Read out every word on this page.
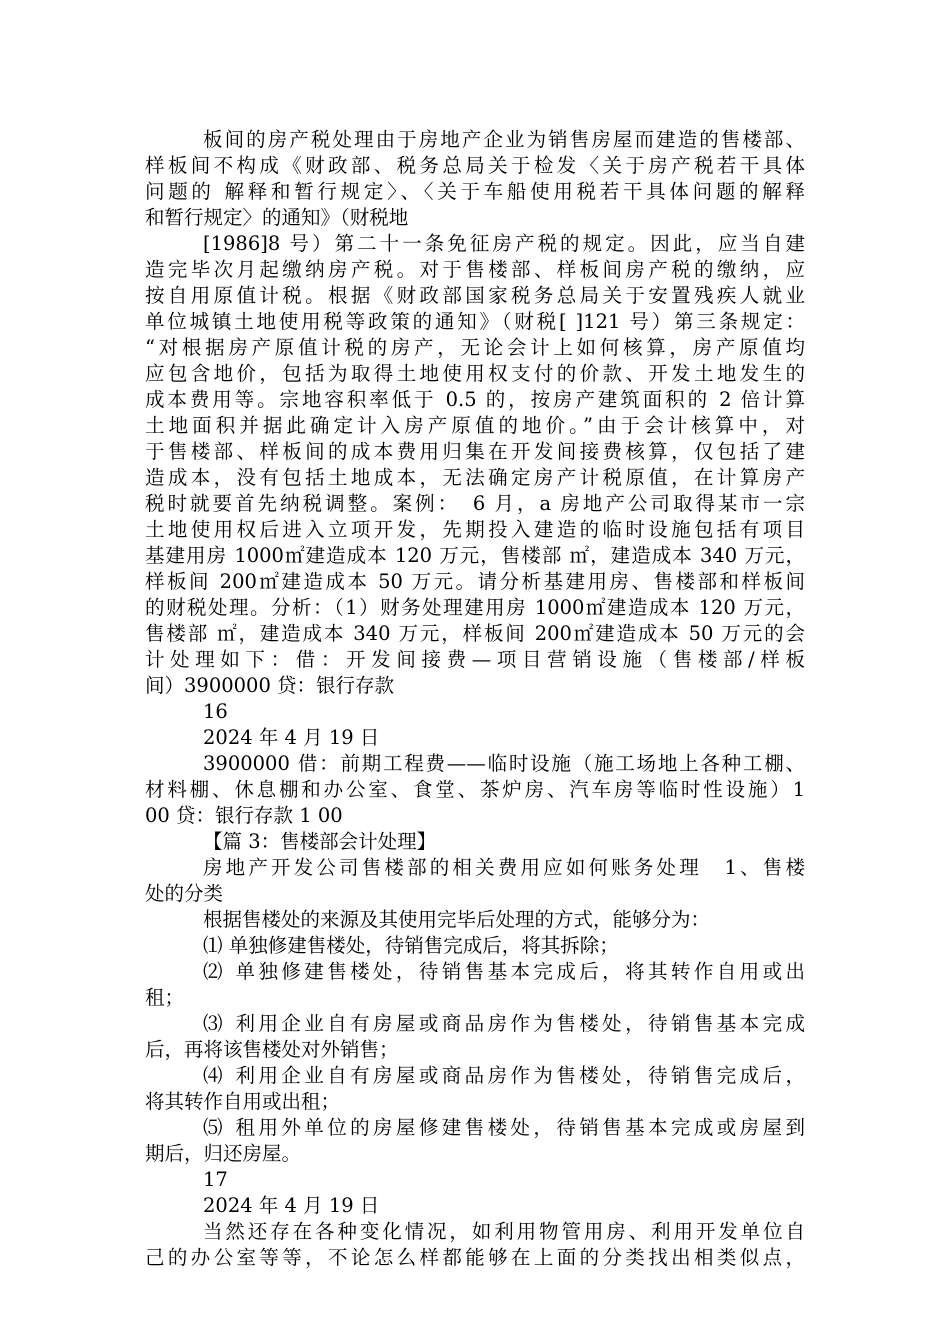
板间的房产税处理由于房地产企业为销售房屋而建造的售楼部、
样板间不构成《财政部、税务总局关于检发〈关于房产税若干具体
问题的 解释和暂行规定〉、〈关于车船使用税若干具体问题的解释
和暂行规定〉的通知》（财税地
[1986]8 号）第二十一条免征房产税的规定。因此，应当自建
造完毕次月起缴纳房产税。对于售楼部、样板间房产税的缴纳，应
按自用原值计税。根据《财政部国家税务总局关于安置残疾人就业
单位城镇土地使用税等政策的通知》（财税[ ]121 号）第三条规定：
“对根据房产原值计税的房产，无论会计上如何核算，房产原值均
应包含地价，包括为取得土地使用权支付的价款、开发土地发生的
成本费用等。宗地容积率低于 0.5 的，按房产建筑面积的 2 倍计算
土地面积并据此确定计入房产原值的地价。”由于会计核算中，对
于售楼部、样板间的成本费用归集在开发间接费核算，仅包括了建
造成本，没有包括土地成本，无法确定房产计税原值，在计算房产
税时就要首先纳税调整。案例：　6 月，a 房地产公司取得某市一宗
土地使用权后进入立项开发，先期投入建造的临时设施包括有项目
基建用房 1000㎡建造成本 120 万元，售楼部 ㎡，建造成本 340 万元，
样板间 200㎡建造成本 50 万元。请分析基建用房、售楼部和样板间
的财税处理。分析：（1）财务处理建用房 1000㎡建造成本 120 万元，
售楼部 ㎡，建造成本 340 万元，样板间 200㎡建造成本 50 万元的会
计处理如下：借：开发间接费—项目营销设施（售楼部/样板
间）3900000 贷：银行存款
16
2024 年 4 月 19 日
3900000 借：前期工程费——临时设施（施工场地上各种工棚、
材料棚、休息棚和办公室、食堂、茶炉房、汽车房等临时性设施）1
00 贷：银行存款 1 00
【篇 3：售楼部会计处理】
房地产开发公司售楼部的相关费用应如何账务处理　1、售楼
处的分类
根据售楼处的来源及其使用完毕后处理的方式，能够分为：
⑴ 单独修建售楼处，待销售完成后，将其拆除；
⑵ 单独修建售楼处，待销售基本完成后，将其转作自用或出
租；
⑶ 利用企业自有房屋或商品房作为售楼处，待销售基本完成
后，再将该售楼处对外销售；
⑷ 利用企业自有房屋或商品房作为售楼处，待销售完成后，
将其转作自用或出租；
⑸ 租用外单位的房屋修建售楼处，待销售基本完成或房屋到
期后，归还房屋。
17
2024 年 4 月 19 日
当然还存在各种变化情况，如利用物管用房、利用开发单位自
己的办公室等等，不论怎么样都能够在上面的分类找出相类似点，
